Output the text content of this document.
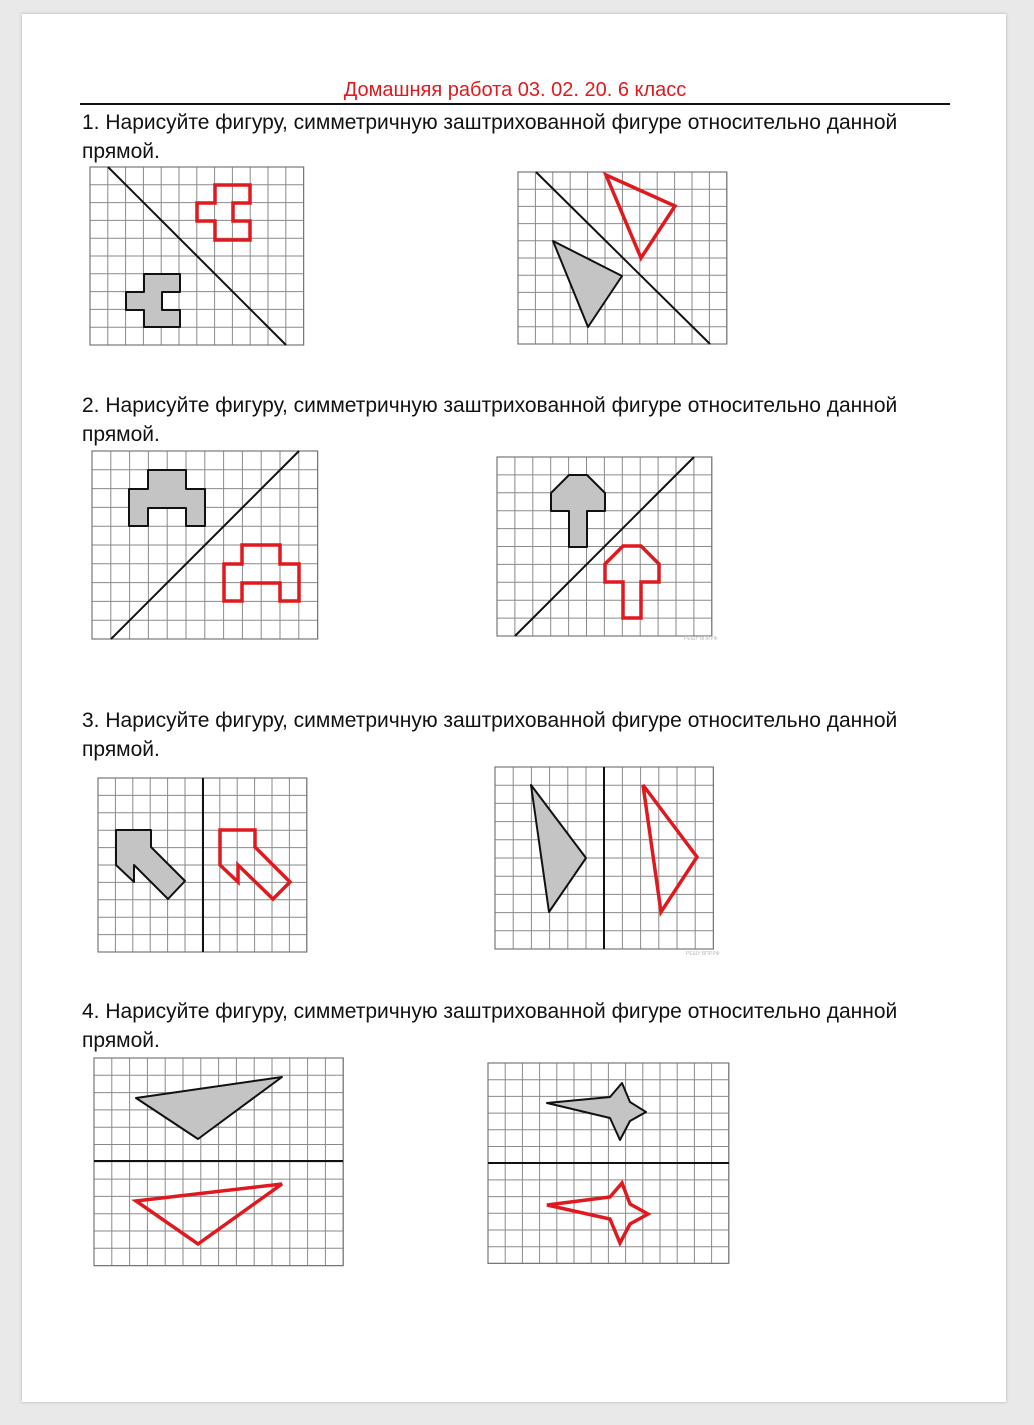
Домашняя работа 03. 02. 20. 6 класс
1. Нарисуйте фигуру, симметричную заштрихованной фигуре относительно данной прямой.
2. Нарисуйте фигуру, симметричную заштрихованной фигуре относительно данной прямой.
3. Нарисуйте фигуру, симметричную заштрихованной фигуре относительно данной прямой.
4. Нарисуйте фигуру, симметричную заштрихованной фигуре относительно данной прямой.
РЕШУ ВПР.РФ
РЕШУ ВПР.РФ
